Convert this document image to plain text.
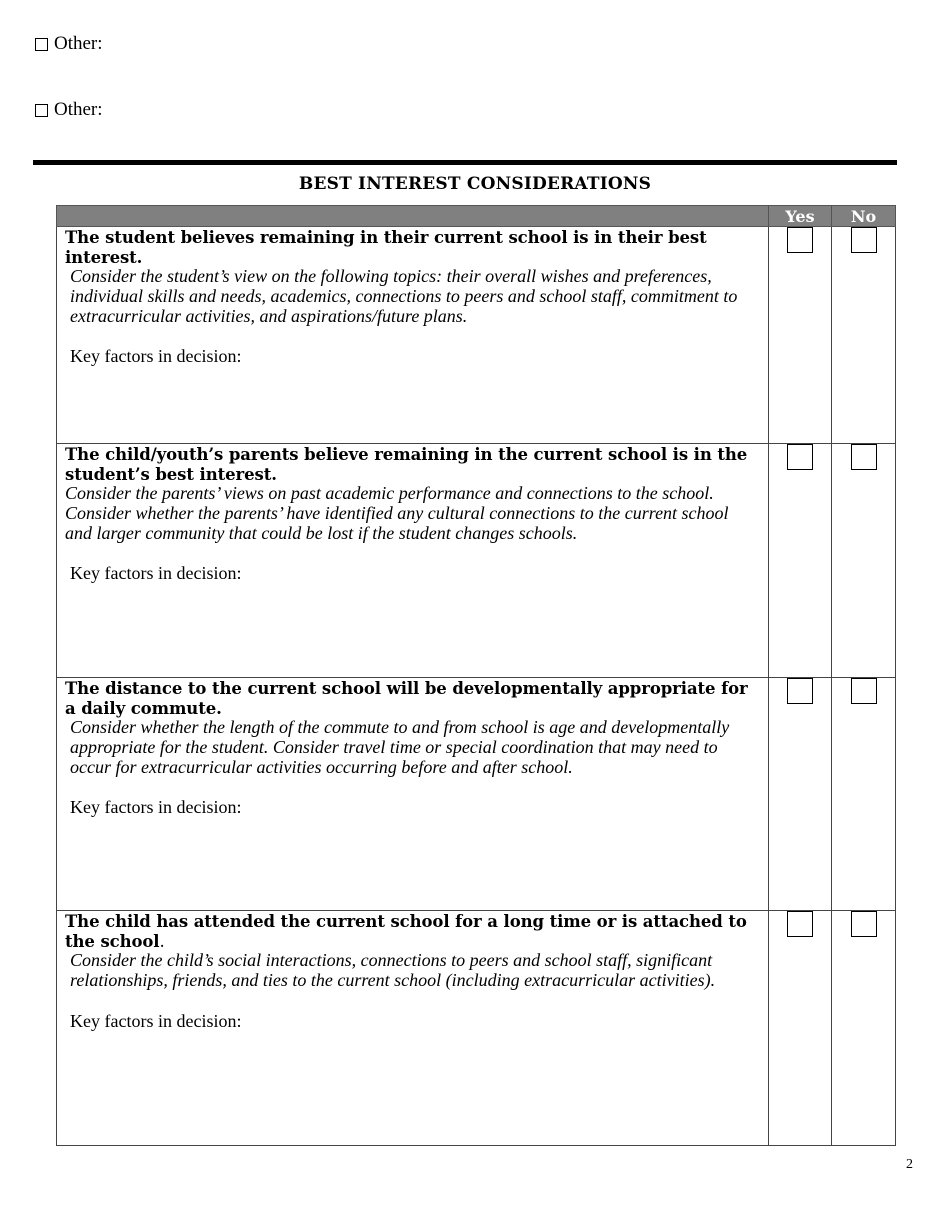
Other:
Other:
BEST INTEREST CONSIDERATIONS
	Yes	No

The student believes remaining in their current school is in their best interest.
Consider the student’s view on the following topics: their overall wishes and preferences, individual skills and needs, academics, connections to peers and school staff, commitment to extracurricular activities, and aspirations/future plans.
Key factors in decision:		

The child/youth’s parents believe remaining in the current school is in the student’s best interest.
Consider the parents’ views on past academic performance and connections to the school. Consider whether the parents’ have identified any cultural connections to the current school and larger community that could be lost if the student changes schools.
Key factors in decision:		

The distance to the current school will be developmentally appropriate for a daily commute.
Consider whether the length of the commute to and from school is age and developmentally appropriate for the student. Consider travel time or special coordination that may need to occur for extracurricular activities occurring before and after school.
Key factors in decision:		

The child has attended the current school for a long time or is attached to the school.
Consider the child’s social interactions, connections to peers and school staff, significant relationships, friends, and ties to the current school (including extracurricular activities).
Key factors in decision:		

2
